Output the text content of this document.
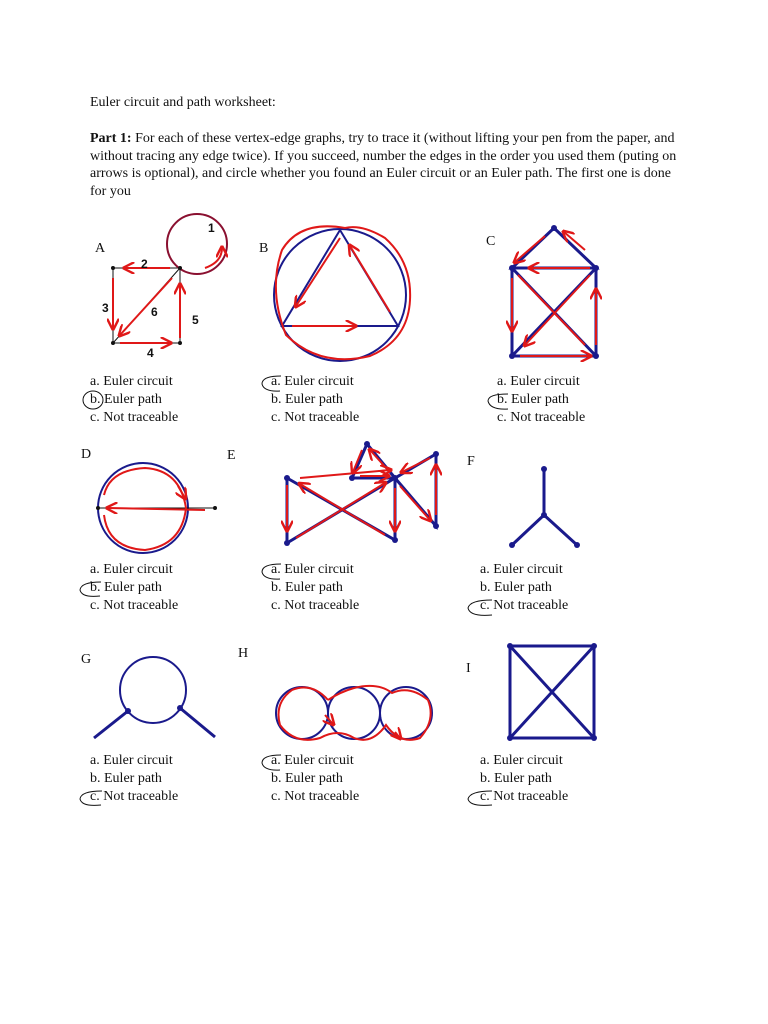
Euler circuit and path worksheet:
Part 1: For each of these vertex-edge graphs, try to trace it (without lifting your pen from the paper, and without tracing any edge twice). If you succeed, number the edges in the order you used them (puting on arrows is optional), and circle whether you found an Euler circuit or an Euler path. The first one is done for you
A	B	C
D	E	F
G	H
I
a. Euler circuit
b. Euler path
c. Not traceable
a. Euler circuit
b. Euler path
c. Not traceable
a. Euler circuit
b. Euler path
c. Not traceable
a. Euler circuit
b. Euler path
c. Not traceable
a. Euler circuit
b. Euler path
c. Not traceable
a. Euler circuit
b. Euler path
c. Not traceable
a. Euler circuit
b. Euler path
c. Not traceable
a. Euler circuit
b. Euler path
c. Not traceable
a. Euler circuit
b. Euler path
c. Not traceable
1
2
3
4
5
6
